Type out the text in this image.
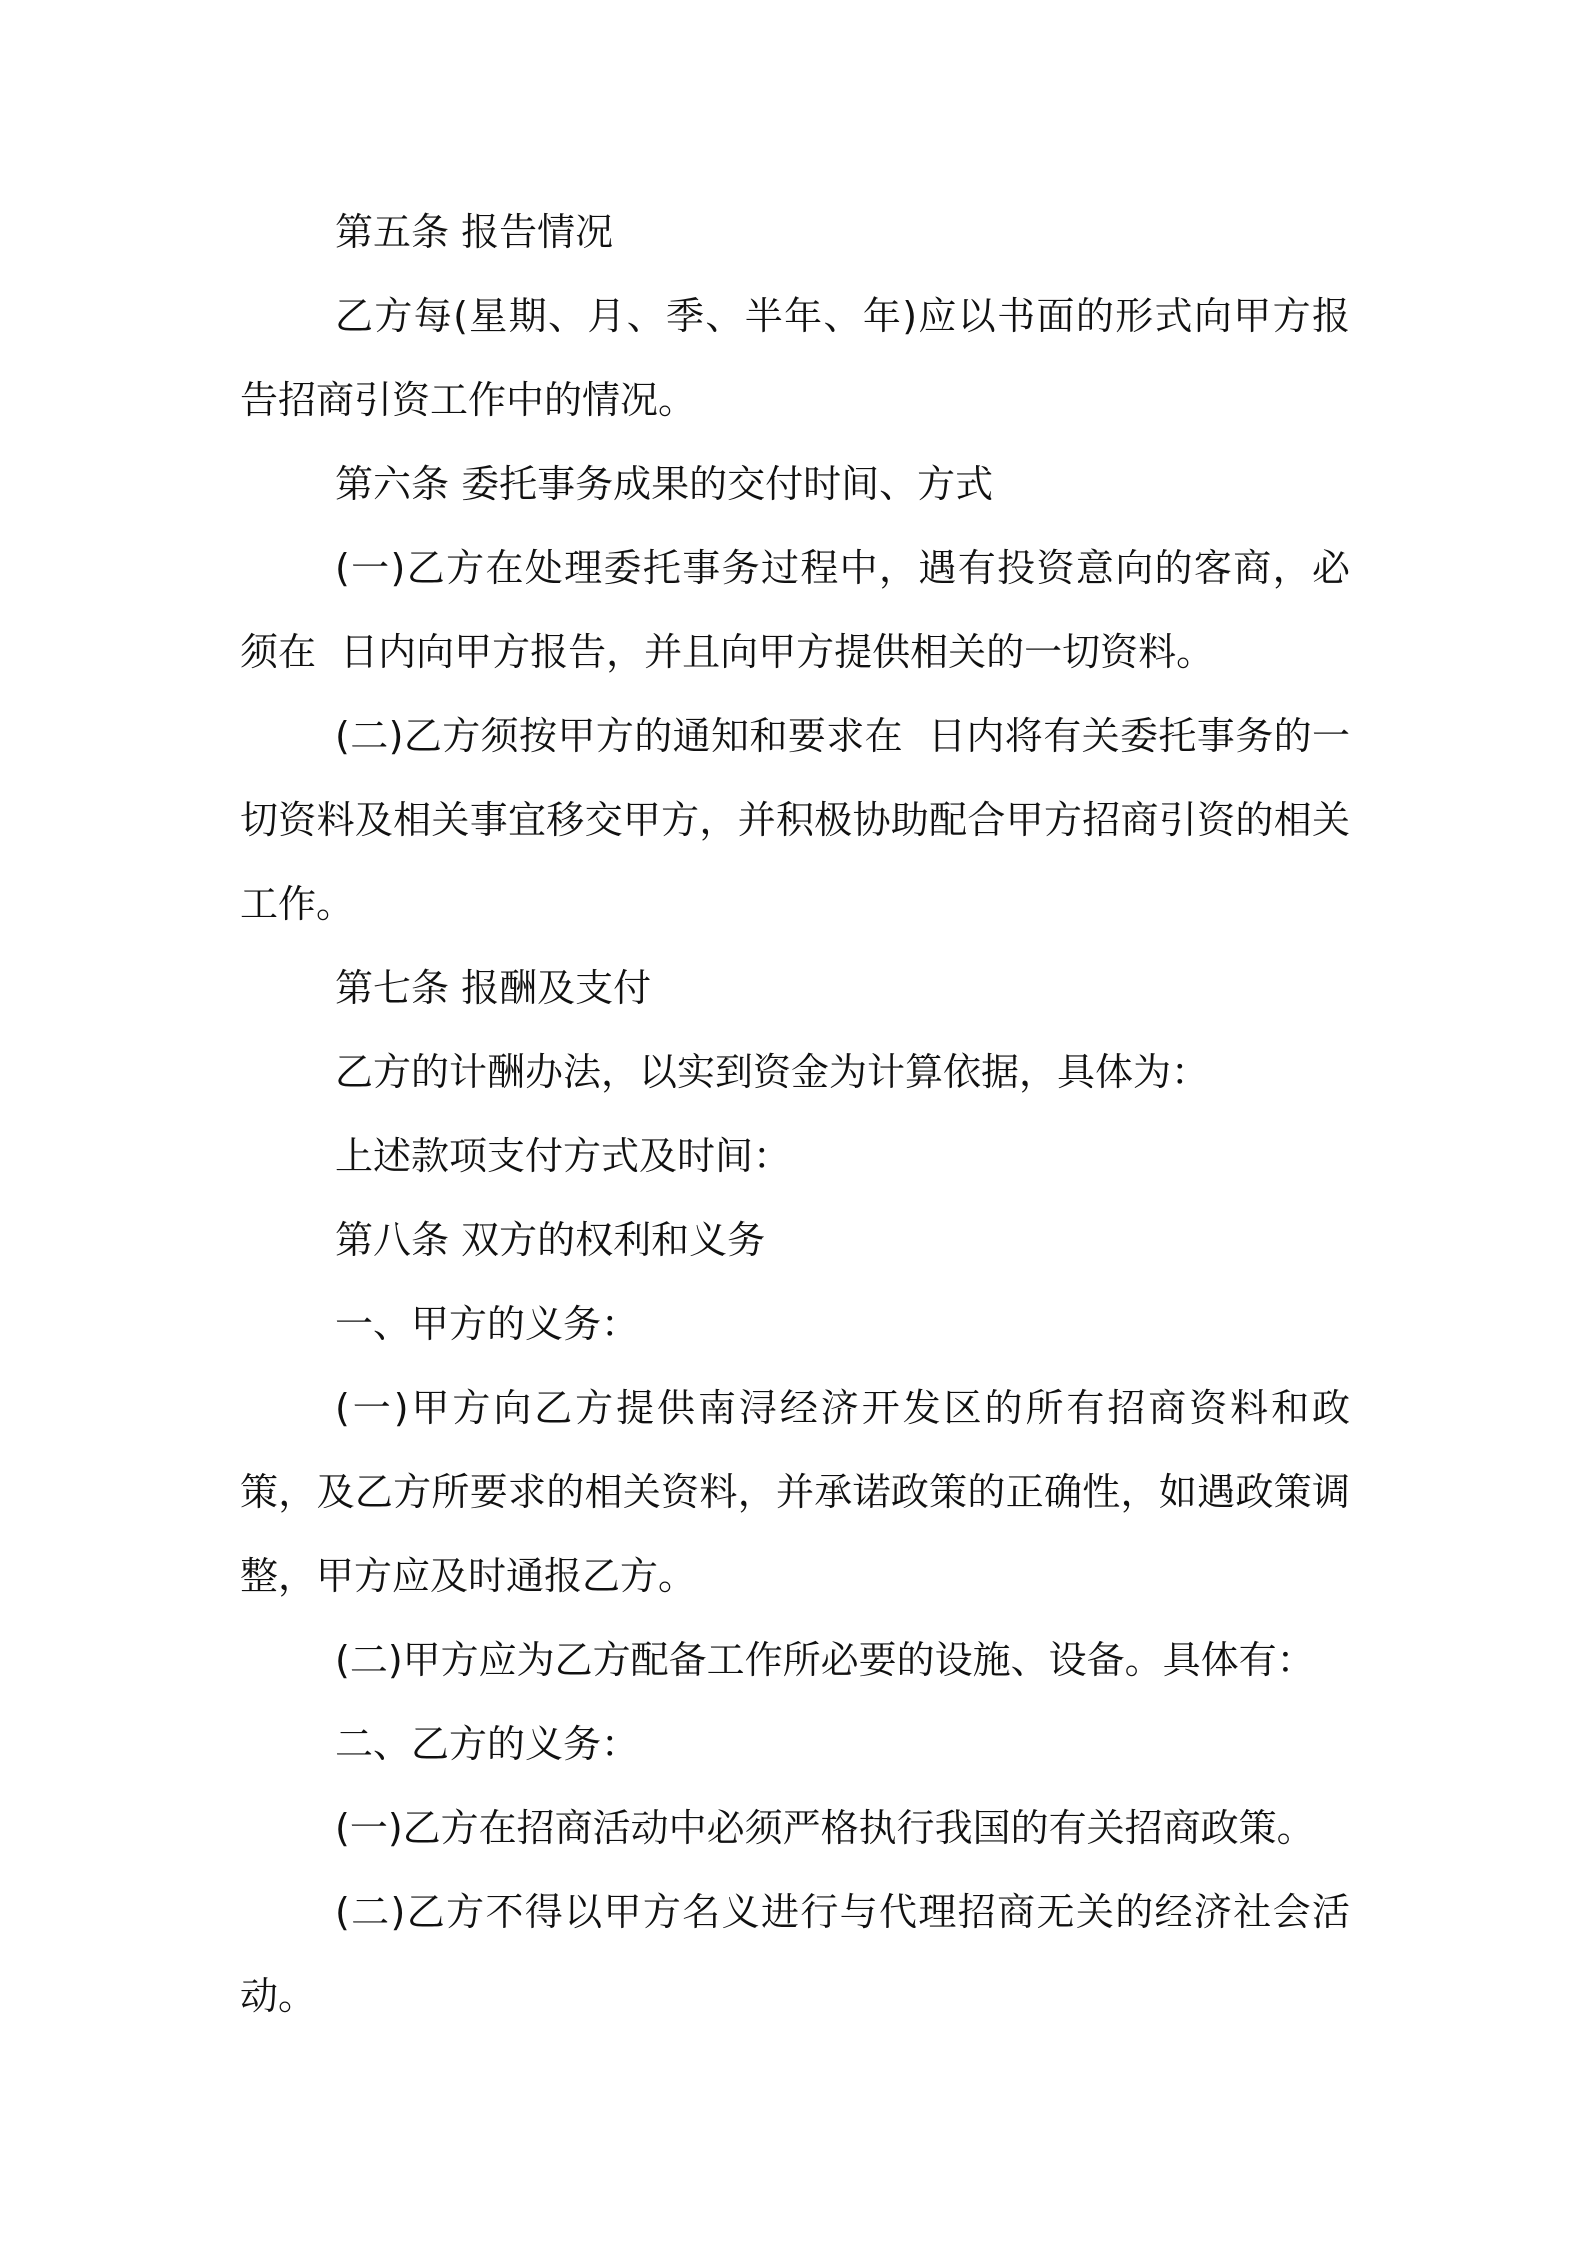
第五条 报告情况

乙方每(星期、月、季、半年、年)应以书面的形式向甲方报告招商引资工作中的情况。

第六条 委托事务成果的交付时间、方式

(一)乙方在处理委托事务过程中，遇有投资意向的客商，必须在  日内向甲方报告，并且向甲方提供相关的一切资料。

(二)乙方须按甲方的通知和要求在  日内将有关委托事务的一切资料及相关事宜移交甲方，并积极协助配合甲方招商引资的相关工作。

第七条 报酬及支付

乙方的计酬办法，以实到资金为计算依据，具体为：

上述款项支付方式及时间：

第八条 双方的权利和义务

一、甲方的义务：

(一)甲方向乙方提供南浔经济开发区的所有招商资料和政策，及乙方所要求的相关资料，并承诺政策的正确性，如遇政策调整，甲方应及时通报乙方。

(二)甲方应为乙方配备工作所必要的设施、设备。具体有：

二、乙方的义务：

(一)乙方在招商活动中必须严格执行我国的有关招商政策。

(二)乙方不得以甲方名义进行与代理招商无关的经济社会活动。
